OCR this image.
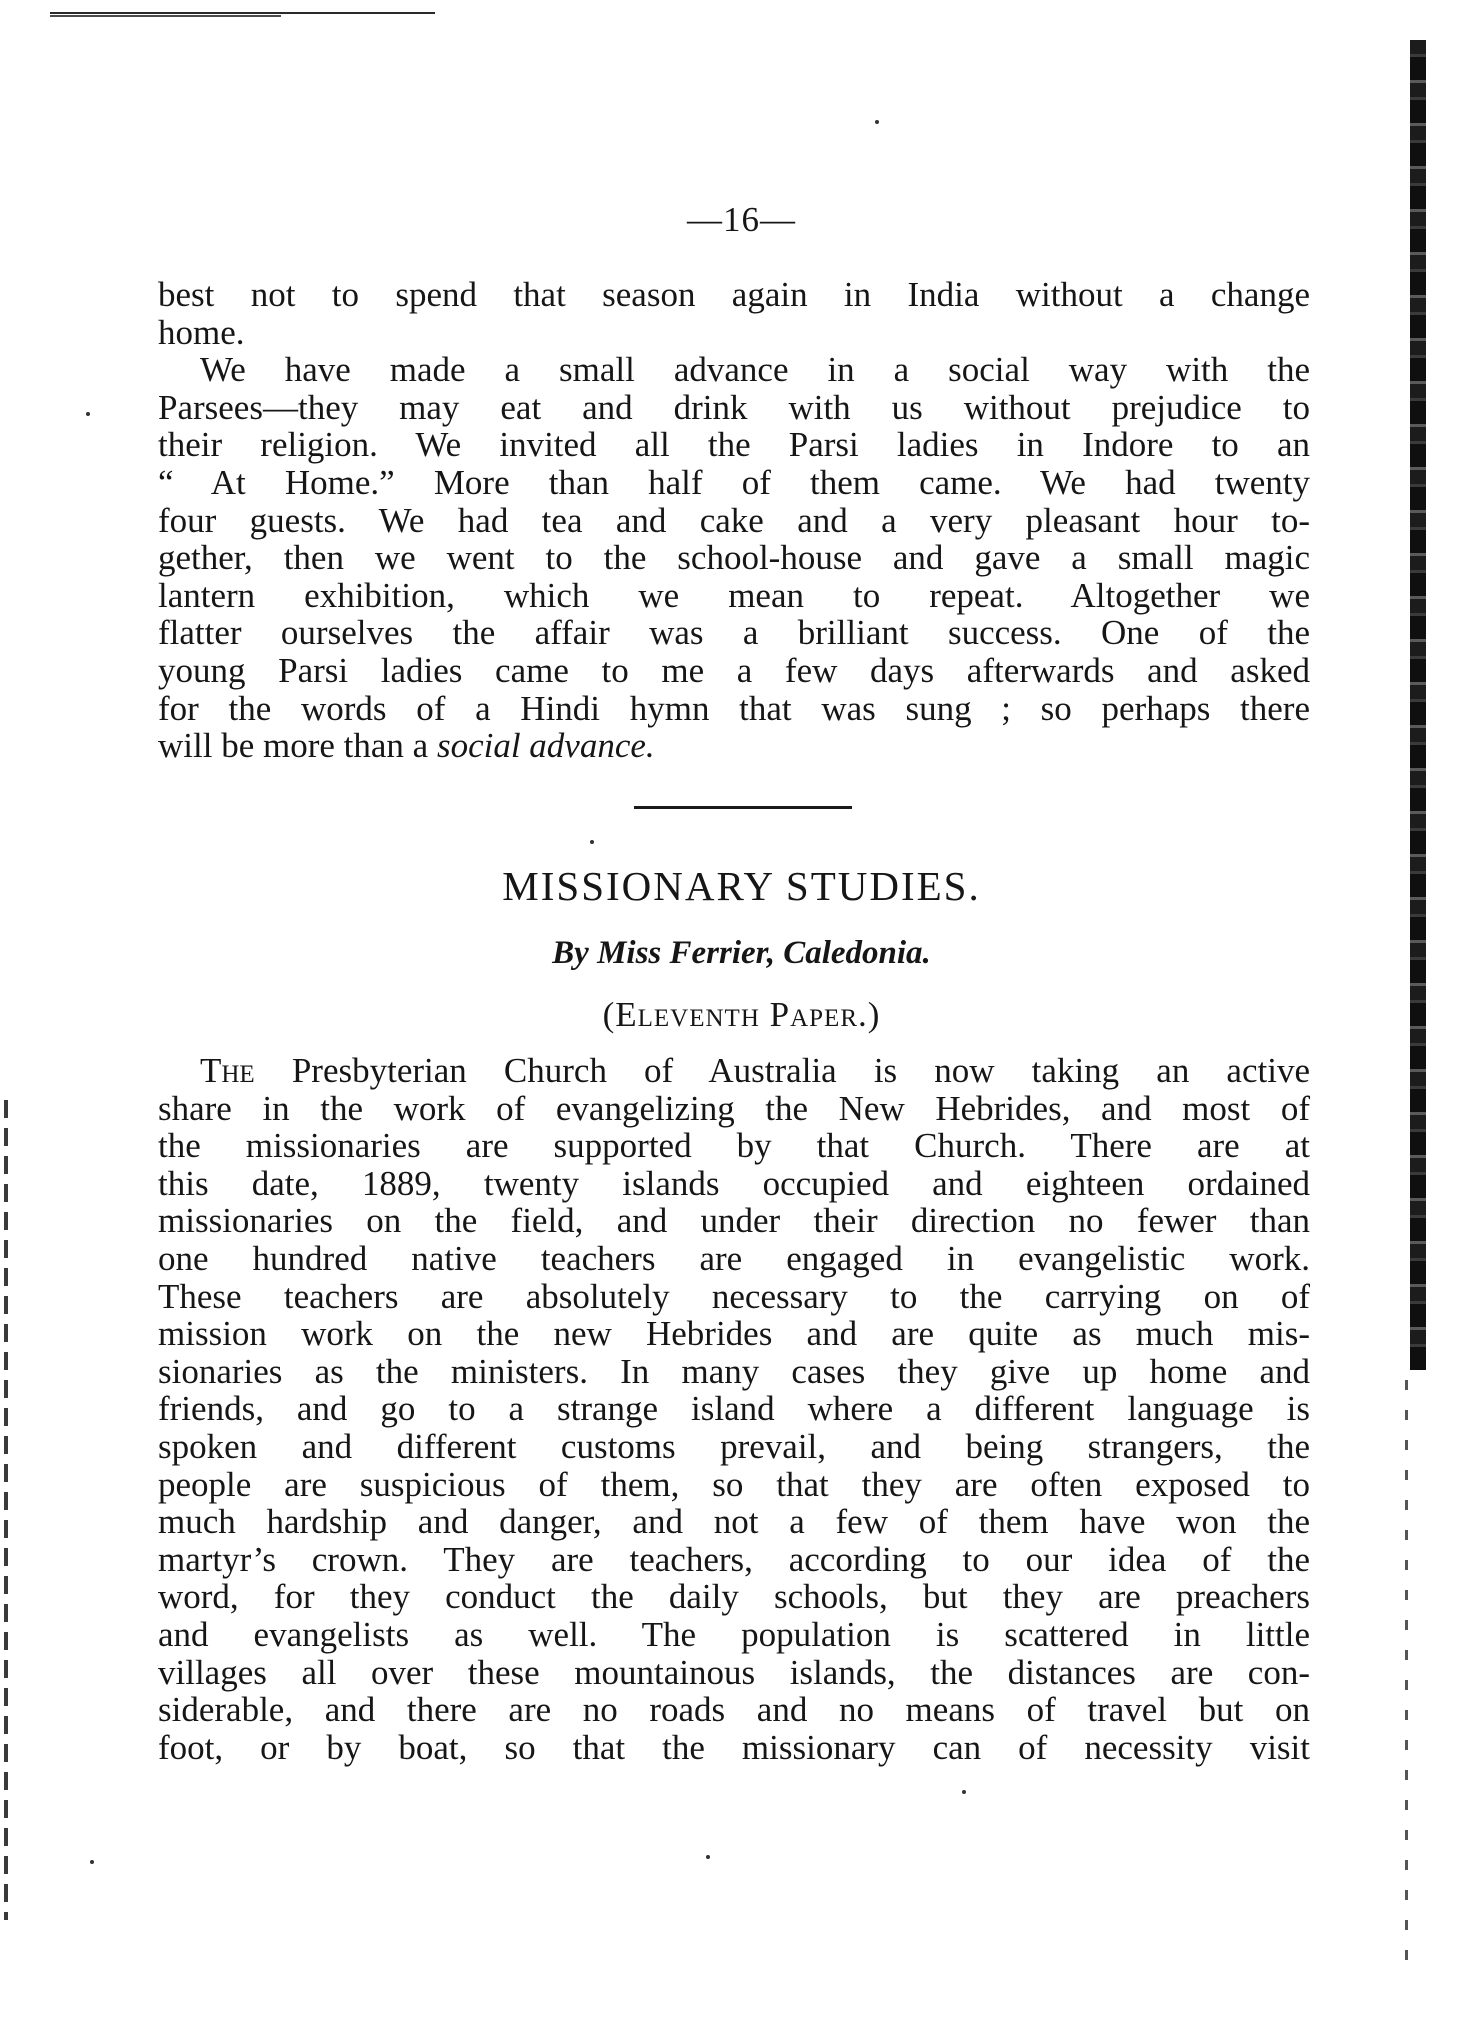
—16—
best not to spend that season again in India without a change
home.
We have made a small advance in a social way with the
Parsees—they may eat and drink with us without prejudice to
their religion. We invited all the Parsi ladies in Indore to an
“ At Home.” More than half of them came. We had twenty
four guests. We had tea and cake and a very pleasant hour to-
gether, then we went to the school-house and gave a small magic
lantern exhibition, which we mean to repeat. Altogether we
flatter ourselves the affair was a brilliant success. One of the
young Parsi ladies came to me a few days afterwards and asked
for the words of a Hindi hymn that was sung ; so perhaps there
will be more than a social advance.
MISSIONARY STUDIES.
By Miss Ferrier, Caledonia.
(Eleventh Paper.)
The Presbyterian Church of Australia is now taking an active
share in the work of evangelizing the New Hebrides, and most of
the missionaries are supported by that Church. There are at
this date, 1889, twenty islands occupied and eighteen ordained
missionaries on the field, and under their direction no fewer than
one hundred native teachers are engaged in evangelistic work.
These teachers are absolutely necessary to the carrying on of
mission work on the new Hebrides and are quite as much mis-
sionaries as the ministers. In many cases they give up home and
friends, and go to a strange island where a different language is
spoken and different customs prevail, and being strangers, the
people are suspicious of them, so that they are often exposed to
much hardship and danger, and not a few of them have won the
martyr’s crown. They are teachers, according to our idea of the
word, for they conduct the daily schools, but they are preachers
and evangelists as well. The population is scattered in little
villages all over these mountainous islands, the distances are con-
siderable, and there are no roads and no means of travel but on
foot, or by boat, so that the missionary can of necessity visit
